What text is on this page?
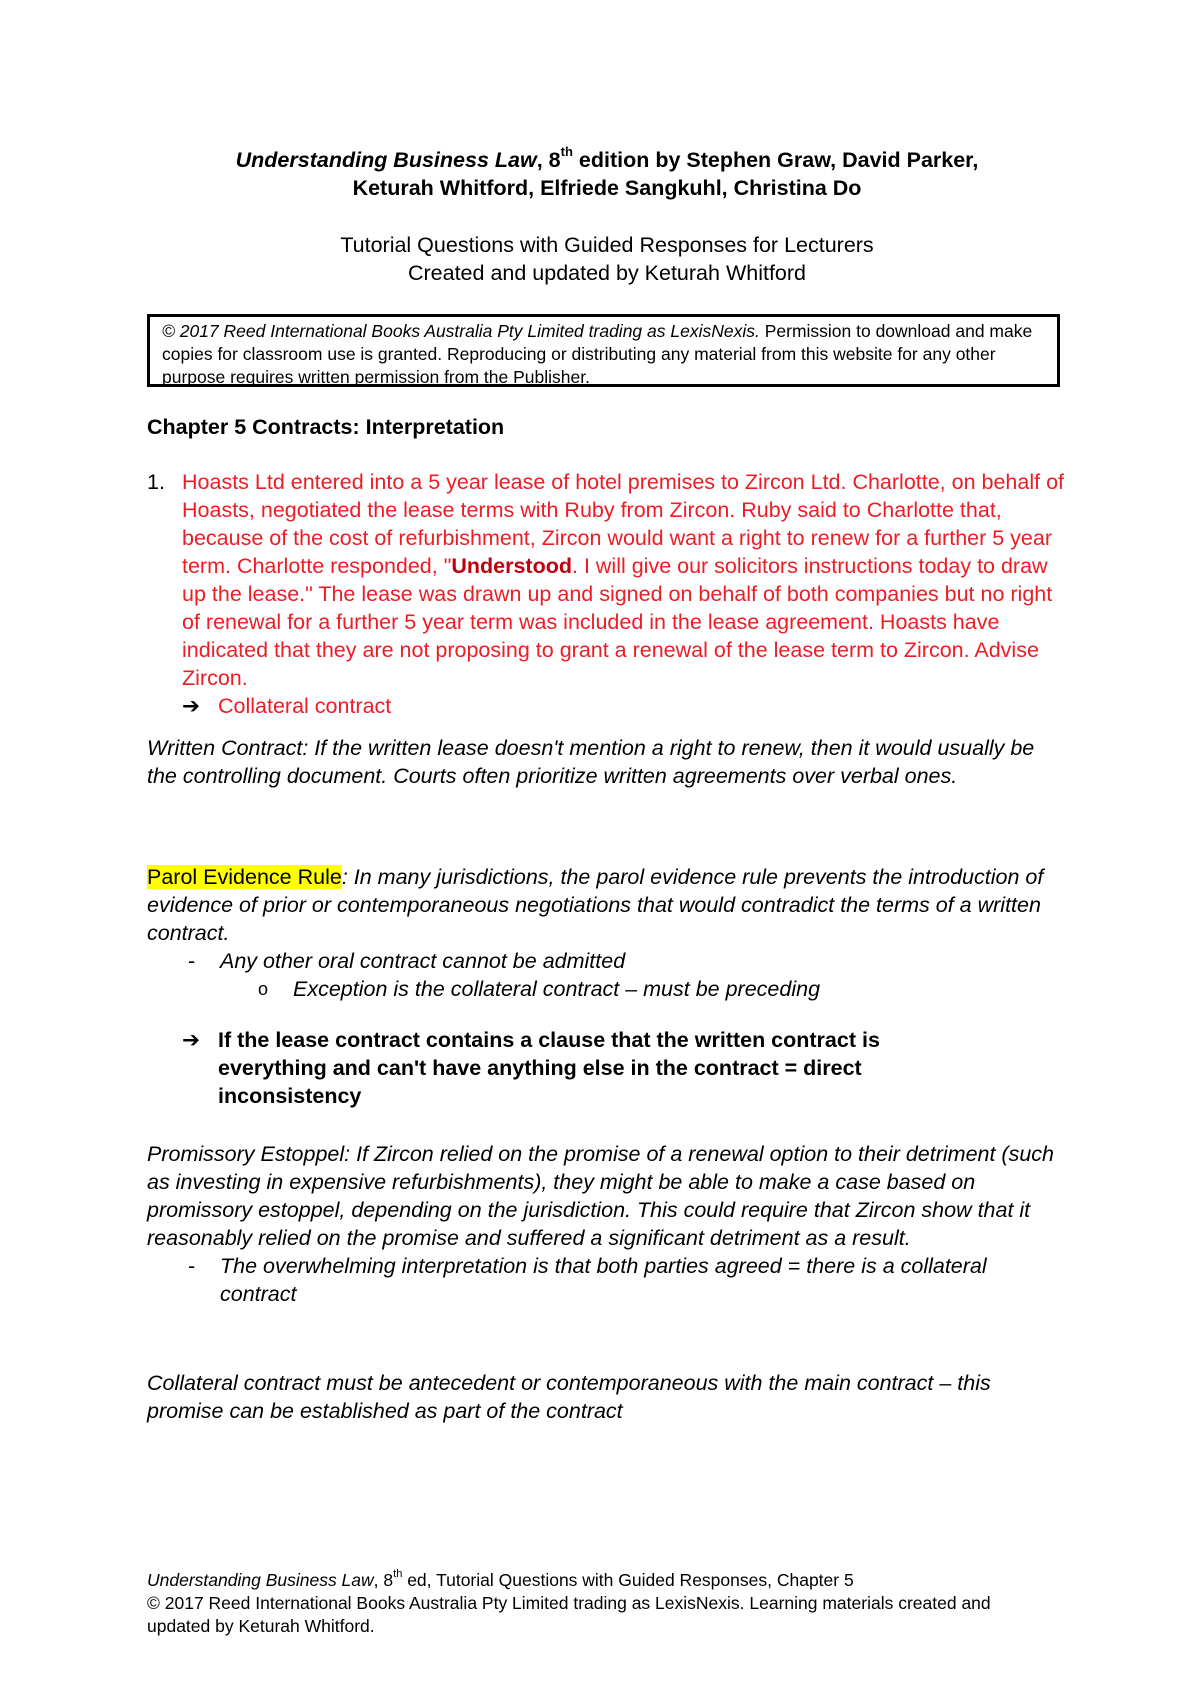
Understanding Business Law, 8th edition by Stephen Graw, David Parker,
Keturah Whitford, Elfriede Sangkuhl, Christina Do
Tutorial Questions with Guided Responses for Lecturers
Created and updated by Keturah Whitford
© 2017 Reed International Books Australia Pty Limited trading as LexisNexis. Permission to download and make copies for classroom use is granted. Reproducing or distributing any material from this website for any other purpose requires written permission from the Publisher.
Chapter 5 Contracts: Interpretation
1. Hoasts Ltd entered into a 5 year lease of hotel premises to Zircon Ltd. Charlotte, on behalf of Hoasts, negotiated the lease terms with Ruby from Zircon. Ruby said to Charlotte that, because of the cost of refurbishment, Zircon would want a right to renew for a further 5 year term. Charlotte responded, "Understood. I will give our solicitors instructions today to draw up the lease." The lease was drawn up and signed on behalf of both companies but no right of renewal for a further 5 year term was included in the lease agreement. Hoasts have indicated that they are not proposing to grant a renewal of the lease term to Zircon. Advise Zircon.
➔ Collateral contract
Written Contract: If the written lease doesn't mention a right to renew, then it would usually be the controlling document. Courts often prioritize written agreements over verbal ones.
Parol Evidence Rule: In many jurisdictions, the parol evidence rule prevents the introduction of evidence of prior or contemporaneous negotiations that would contradict the terms of a written contract.
- Any other oral contract cannot be admitted
o Exception is the collateral contract – must be preceding
➔ If the lease contract contains a clause that the written contract is everything and can't have anything else in the contract = direct inconsistency
Promissory Estoppel: If Zircon relied on the promise of a renewal option to their detriment (such as investing in expensive refurbishments), they might be able to make a case based on promissory estoppel, depending on the jurisdiction. This could require that Zircon show that it reasonably relied on the promise and suffered a significant detriment as a result.
- The overwhelming interpretation is that both parties agreed = there is a collateral contract
Collateral contract must be antecedent or contemporaneous with the main contract – this promise can be established as part of the contract
Understanding Business Law, 8th ed, Tutorial Questions with Guided Responses, Chapter 5
© 2017 Reed International Books Australia Pty Limited trading as LexisNexis. Learning materials created and updated by Keturah Whitford.
